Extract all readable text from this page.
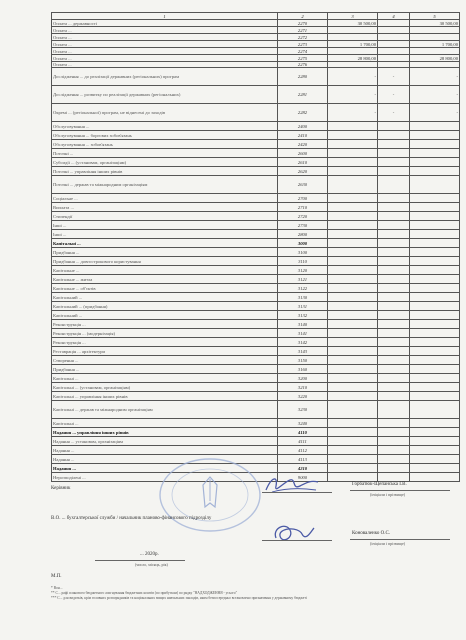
1	2	3	4	5
Оплата ... державності	2270	30 500,00		30 500,00
Оплата ...	2271			
Оплата ...	2272			
Оплата ...	2273	1 700,00		1 700,00
Оплата ...	2274			
Оплата ...	2275	28 800,00		28 800,00
Оплата ...	2276			
Дослідження ... до реалізації державних (регіональних) програм	2280	-	-	-
Дослідження ... розвитку по реалізації державних (регіональних)	2281	-	-	-
Окремі ... (регіональної) програм, не віднесені до заходів	2282	-	-	-
Обслуговування ...	2400			
Обслуговування ... боргових зобов'язань	2410			
Обслуговування ... зобов'язань	2420			
Поточні ...	2600			
Субсидії ... (установам, організаціям)	2610			
Поточні ... управління інших рівнів	2620			
Поточні ... держав та міжнародним організаціям	2630			
Соціальне ...	2700			
Виплата ...	2710			
Стипендії	2720			
Інші ...	2730			
Інші ...	2800			
Капітальні ...	3000			
Придбання ...	3100			
Придбання ... довгострокового користування	3110			
Капітальне ...	3120			
Капітальне ... житла	3121			
Капітальне ... об'єктів	3122			
Капітальний ...	3130			
Капітальний ... (придбання)	3131			
Капітальний ...	3132			
Реконструкція ...	3140			
Реконструкція ... (модернізація)	3141			
Реконструкція ...	3142			
Реставрація ... архітектури	3143			
Створення ...	3150			
Придбання ...	3160			
Капітальні ...	3200			
Капітальні ... (установам, організаціям)	3210			
Капітальні ... управління інших рівнів	3220			
Капітальні ... держав та міжнародним організаціям	3230			
Капітальні ...	3240			
Надання ... управління інших рівнів	4110			
Надання ... установам, організаціям	4111			
Надання ...	4112			
Надання ...	4113			
Надання ...	4210			
Нерозподілені ...	9000			
Керівник
Горбатюк-Щепанська І.В.
(ініціали і прізвище)
В.О. ... бухгалтерської служби / начальник планово-фінансового підрозділу
Коноваленко О.С.
(ініціали і прізвище)
... 2020р.
(число, місяць, рік)
М.П.
* Вон...
** С... рафі планового бюджетного асигнування бюджетних коштів (по прибуткам) по рядку "НАДХОДЖЕННЯ - усього"
*** С... для видатків, крім головних розпорядників та національних вищих навчальних закладів, яким безпосередньо встановлено призначення у державному бюджеті
